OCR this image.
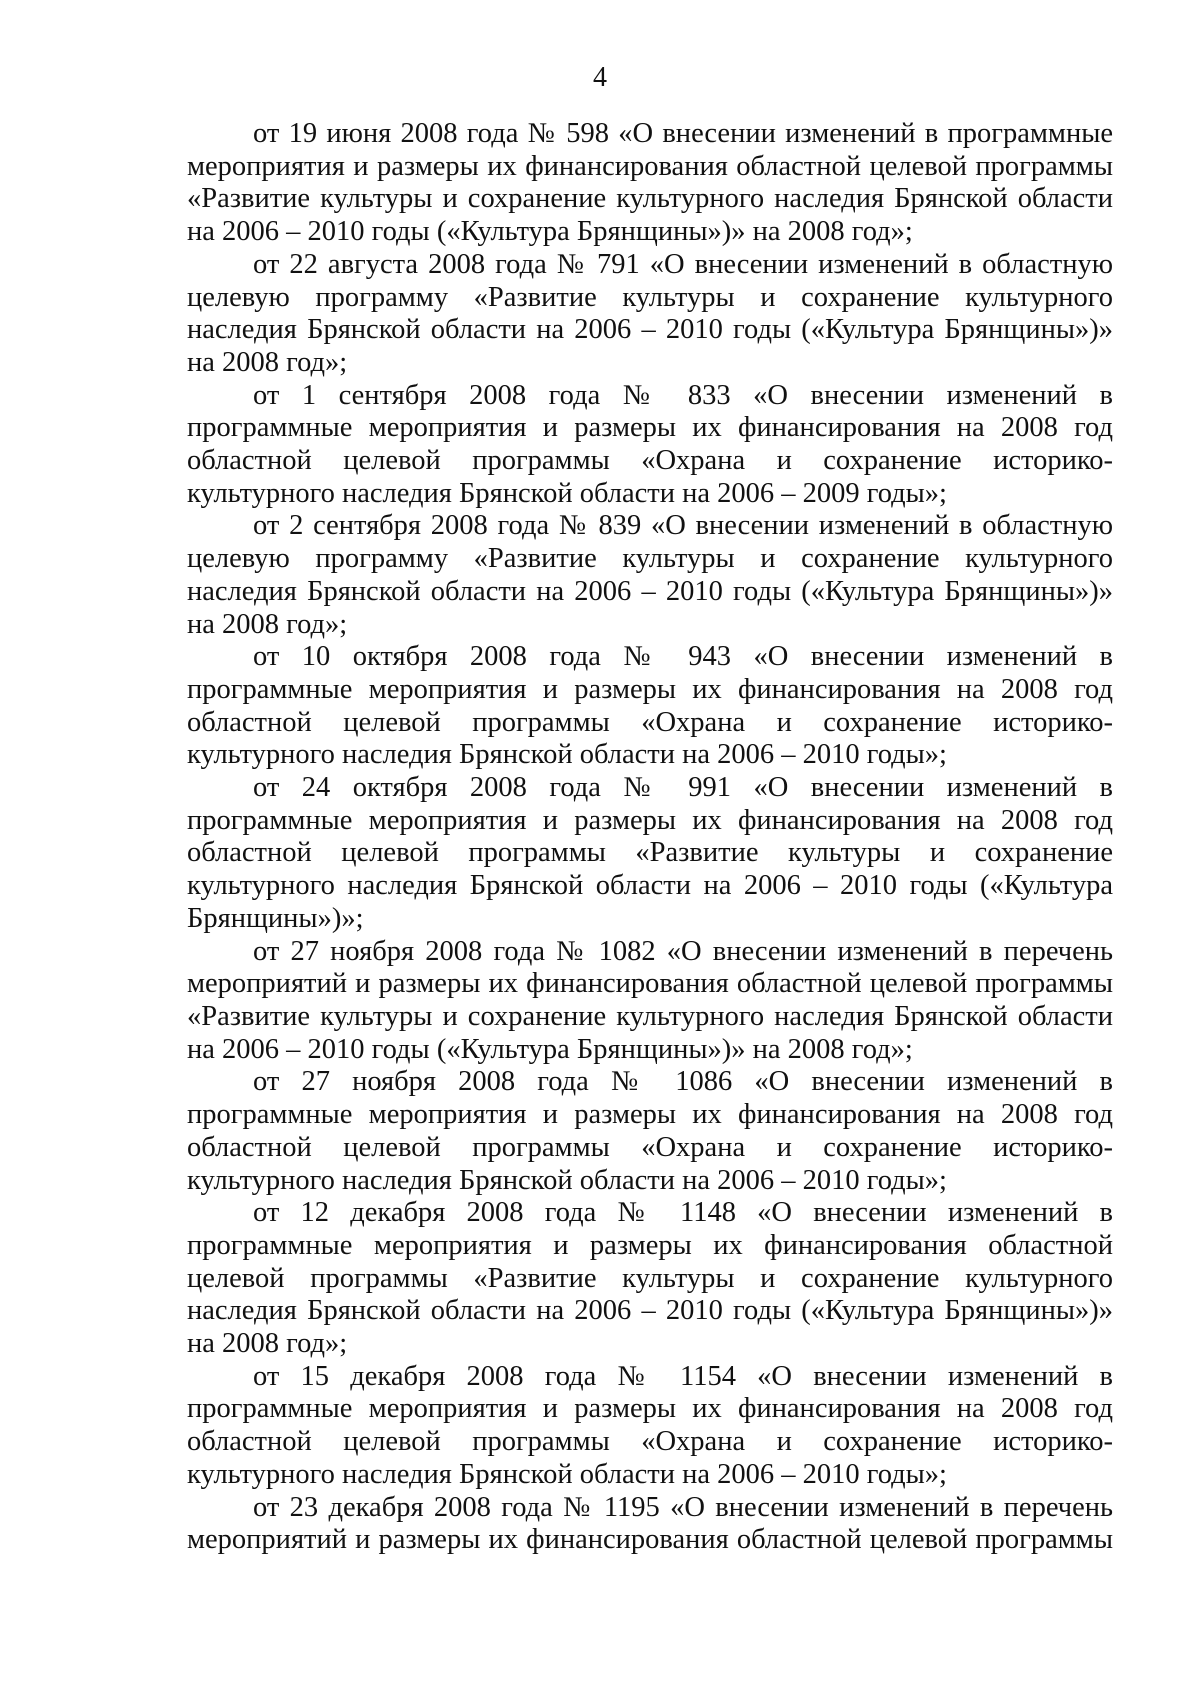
4

от 19 июня 2008 года № 598 «О внесении изменений в программные мероприятия и размеры их финансирования областной целевой программы «Развитие культуры и сохранение культурного наследия Брянской области на 2006 – 2010 годы («Культура Брянщины»)» на 2008 год»;

от 22 августа 2008 года № 791 «О внесении изменений в областную целевую программу «Развитие культуры и сохранение культурного наследия Брянской области на 2006 – 2010 годы («Культура Брянщины»)» на 2008 год»;

от 1 сентября 2008 года № 833 «О внесении изменений в программные мероприятия и размеры их финансирования на 2008 год областной целевой программы «Охрана и сохранение историко-культурного наследия Брянской области на 2006 – 2009 годы»;

от 2 сентября 2008 года № 839 «О внесении изменений в областную целевую программу «Развитие культуры и сохранение культурного наследия Брянской области на 2006 – 2010 годы («Культура Брянщины»)» на 2008 год»;

от 10 октября 2008 года № 943 «О внесении изменений в программные мероприятия и размеры их финансирования на 2008 год областной целевой программы «Охрана и сохранение историко-культурного наследия Брянской области на 2006 – 2010 годы»;

от 24 октября 2008 года № 991 «О внесении изменений в программные мероприятия и размеры их финансирования на 2008 год областной целевой программы «Развитие культуры и сохранение культурного наследия Брянской области на 2006 – 2010 годы («Культура Брянщины»)»;

от 27 ноября 2008 года № 1082 «О внесении изменений в перечень мероприятий и размеры их финансирования областной целевой программы «Развитие культуры и сохранение культурного наследия Брянской области на 2006 – 2010 годы («Культура Брянщины»)» на 2008 год»;

от 27 ноября 2008 года № 1086 «О внесении изменений в программные мероприятия и размеры их финансирования на 2008 год областной целевой программы «Охрана и сохранение историко-культурного наследия Брянской области на 2006 – 2010 годы»;

от 12 декабря 2008 года № 1148 «О внесении изменений в программные мероприятия и размеры их финансирования областной целевой программы «Развитие культуры и сохранение культурного наследия Брянской области на 2006 – 2010 годы («Культура Брянщины»)» на 2008 год»;

от 15 декабря 2008 года № 1154 «О внесении изменений в программные мероприятия и размеры их финансирования на 2008 год областной целевой программы «Охрана и сохранение историко-культурного наследия Брянской области на 2006 – 2010 годы»;

от 23 декабря 2008 года № 1195 «О внесении изменений в перечень мероприятий и размеры их финансирования областной целевой программы
